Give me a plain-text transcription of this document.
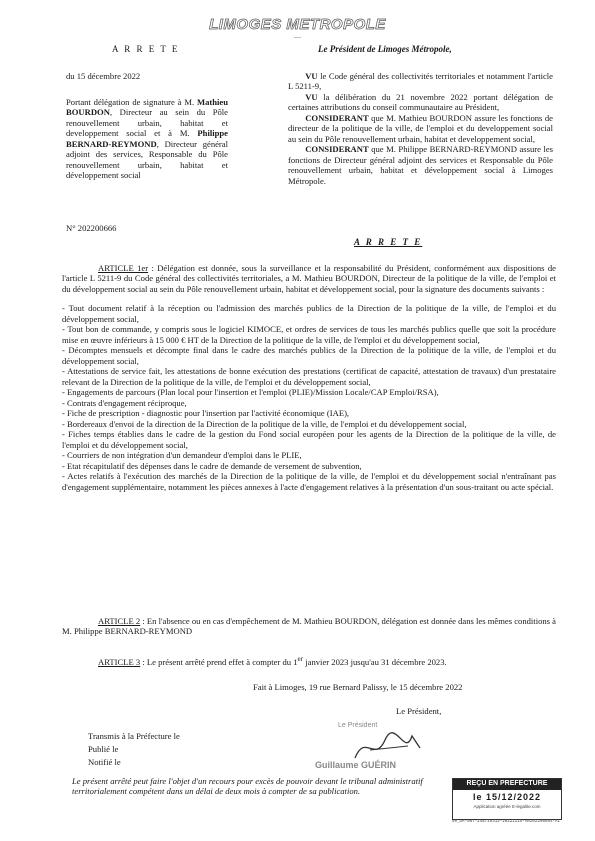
LIMOGES METROPOLE
—
A R R E T E	Le Président de Limoges Métropole,
du 15 décembre 2022
Portant délégation de signature à M. Mathieu BOURDON, Directeur au sein du Pôle renouvellement urbain, habitat et developpement social et à M. Philippe BERNARD-REYMOND, Directeur général adjoint des services, Responsable du Pôle renouvellement urbain, habitat et développement social
N° 202200666

  VU le Code général des collectivités territoriales et notamment l'article L 5211-9,

  VU la délibération du 21 novembre 2022 portant délégation de certaines attributions du conseil communautaire au Président,

  CONSIDERANT que M. Mathieu BOURDON assure les fonctions de directeur de la politique de la ville, de l'emploi et du developpement social au sein du Pôle renouvellement urbain, habitat et developpement social,

  CONSIDERANT que M. Philippe BERNARD-REYMOND assure les fonctions de Directeur général adjoint des services et Responsable du Pôle renouvellement urbain, habitat et développement social à Limoges Métropole.

A R R E T E

ARTICLE 1er : Délégation est donnée, sous la surveillance et la responsabilité du Président, conformément aux dispositions de l'article L 5211-9 du Code général des collectivités territoriales, a M. Mathieu BOURDON, Directeur de la politique de la ville, de l'emploi et du développement social au sein du Pôle renouvellement urbain, habitat et développement social, pour la signature des documents suivants :

- Tout document relatif à la réception ou l'admission des marchés publics de la Direction de la politique de la ville, de l'emploi et du développement social,

- Tout bon de commande, y compris sous le logiciel KIMOCE, et ordres de services de tous les marchés publics quelle que soit la procédure mise en œuvre inférieurs à 15 000 € HT de la Direction de la politique de la ville, de l'emploi et du développement social,

- Décomptes mensuels et décompte final dans le cadre des marchés publics de la Direction de la politique de la ville, de l'emploi et du développement social,

- Attestations de service fait, les attestations de bonne exécution des prestations (certificat de capacité, attestation de travaux) d'un prestataire relevant de la Direction de la politique de la ville, de l'emploi et du développement social,

- Engagements de parcours (Plan local pour l'insertion et l'emploi (PLIE)/Mission Locale/CAP Emploi/RSA),

- Contrats d'engagement réciproque,

- Fiche de prescription - diagnostic pour l'insertion par l'activité économique (IAE),

- Bordereaux d'envoi de la direction de la Direction de la politique de la ville, de l'emploi et du développement social,

- Fiches temps établies dans le cadre de la gestion du Fond social européen pour les agents de la Direction de la politique de la ville, de l'emploi et du développement social,

- Courriers de non intégration d'un demandeur d'emploi dans le PLIE,

- Etat récapitulatif des dépenses dans le cadre de demande de versement de subvention,

- Actes relatifs à l'exécution des marchés de la Direction de la politique de la ville, de l'emploi et du développement social n'entraînant pas d'engagement supplémentaire, notamment les pièces annexes à l'acte d'engagement relatives à la présentation d'un sous-traitant ou acte spécial.

ARTICLE 2 : En l'absence ou en cas d'empêchement de M. Mathieu BOURDON, délégation est donnée dans les mêmes conditions à M. Philippe BERNARD-REYMOND

ARTICLE 3 : Le présent arrêté prend effet à compter du 1er janvier 2023 jusqu'au 31 décembre 2023.

Fait à Limoges, 19 rue Bernard Palissy, le 15 décembre 2022
Le Président,
Le Président
Guillaume GUÉRIN
Transmis à la Préfecture le
Publié le
Notifié le
Le présent arrêté peut faire l'objet d'un recours pour excès de pouvoir devant le tribunal administratif territorialement compétent dans un délai de deux mois à compter de sa publication.
REÇU EN PREFECTURE
le 15/12/2022
Application agréée E-legalite.com
99_DA-087-248719312-20221215-AR202206664-AI
